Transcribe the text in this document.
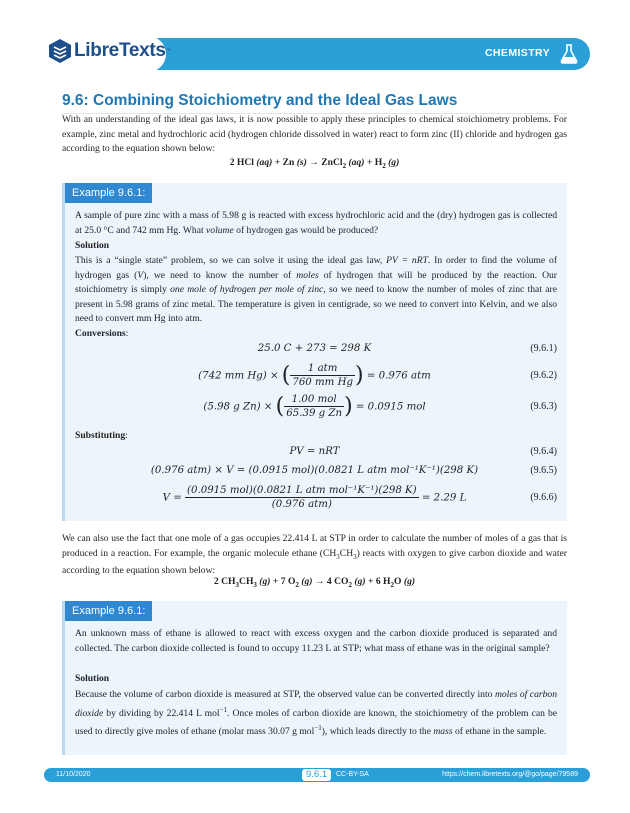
LibreTexts ™	CHEMISTRY
9.6: Combining Stoichiometry and the Ideal Gas Laws

With an understanding of the ideal gas laws, it is now possible to apply these principles to chemical stoichiometry problems. For example, zinc metal and hydrochloric acid (hydrogen chloride dissolved in water) react to form zinc (II) chloride and hydrogen gas according to the equation shown below:

2 HCl (aq) + Zn (s) → ZnCl$_2$ $(aq) + H_2$ (g)
Example 9.6.1:

A sample of pure zinc with a mass of 5.98 g is reacted with excess hydrochloric acid and the (dry) hydrogen gas is collected at 25.0 °C and 742 mm Hg. What volume of hydrogen gas would be produced?

Solution

This is a “single state” problem, so we can solve it using the ideal gas law, PV = nRT. In order to find the volume of hydrogen gas (V), we need to know the number of moles of hydrogen that will be produced by the reaction. Our stoichiometry is simply one mole of hydrogen per mole of zinc, so we need to know the number of moles of zinc that are present in 5.98 grams of zinc metal. The temperature is given in centigrade, so we need to convert into Kelvin, and we also need to convert mm Hg into atm.

Conversions:
Substituting:
25.0 C + 273 = 298 K	(9.6.1)
(742 mm Hg) × ( $\frac{\text{1 atm}}{\text{760 mm Hg}}$ ) = 0.976 atm	(9.6.2)
(5.98 g Zn) × ( $\frac{\text{1.00 mol}}{\text{65.39 g Zn}}$ ) = 0.0915 mol	(9.6.3)
PV = nRT	(9.6.4)
(0.976 atm) × V = (0.0915 mol)(0.0821 L atm mol⁻¹K⁻¹)(298 K)	(9.6.5)
$V = \frac{\text{(0.0915 mol)(0.0821 L atm mol⁻¹K⁻¹)(298 K)}}{\text{(0.976 atm)}} = 2.29$ L	(9.6.6)

We can also use the fact that one mole of a gas occupies 22.414 L at STP in order to calculate the number of moles of a gas that is produced in a reaction. For example, the organic molecule ethane $(CH_3CH_3)$ reacts with oxygen to give carbon dioxide and water according to the equation shown below:

2 $CH_3CH_3$ (g) + 7 $O_2$ (g) → 4 $CO_2$ (g) + 6 $H_2O$ (g)
Example 9.6.1:

An unknown mass of ethane is allowed to react with excess oxygen and the carbon dioxide produced is separated and collected. The carbon dioxide collected is found to occupy 11.23 L at STP; what mass of ethane was in the original sample?

Solution

Because the volume of carbon dioxide is measured at STP, the observed value can be converted directly into moles of carbon dioxide by dividing by 22.414 L mol$^{-1}$. Once moles of carbon dioxide are known, the stoichiometry of the problem can be used to directly give moles of ethane (molar mass 30.07 g mol$^{-1}$), which leads directly to the mass of ethane in the sample.

11/10/2020	9.6.1	CC-BY-SA	https://chem.libretexts.org/@go/page/79589
